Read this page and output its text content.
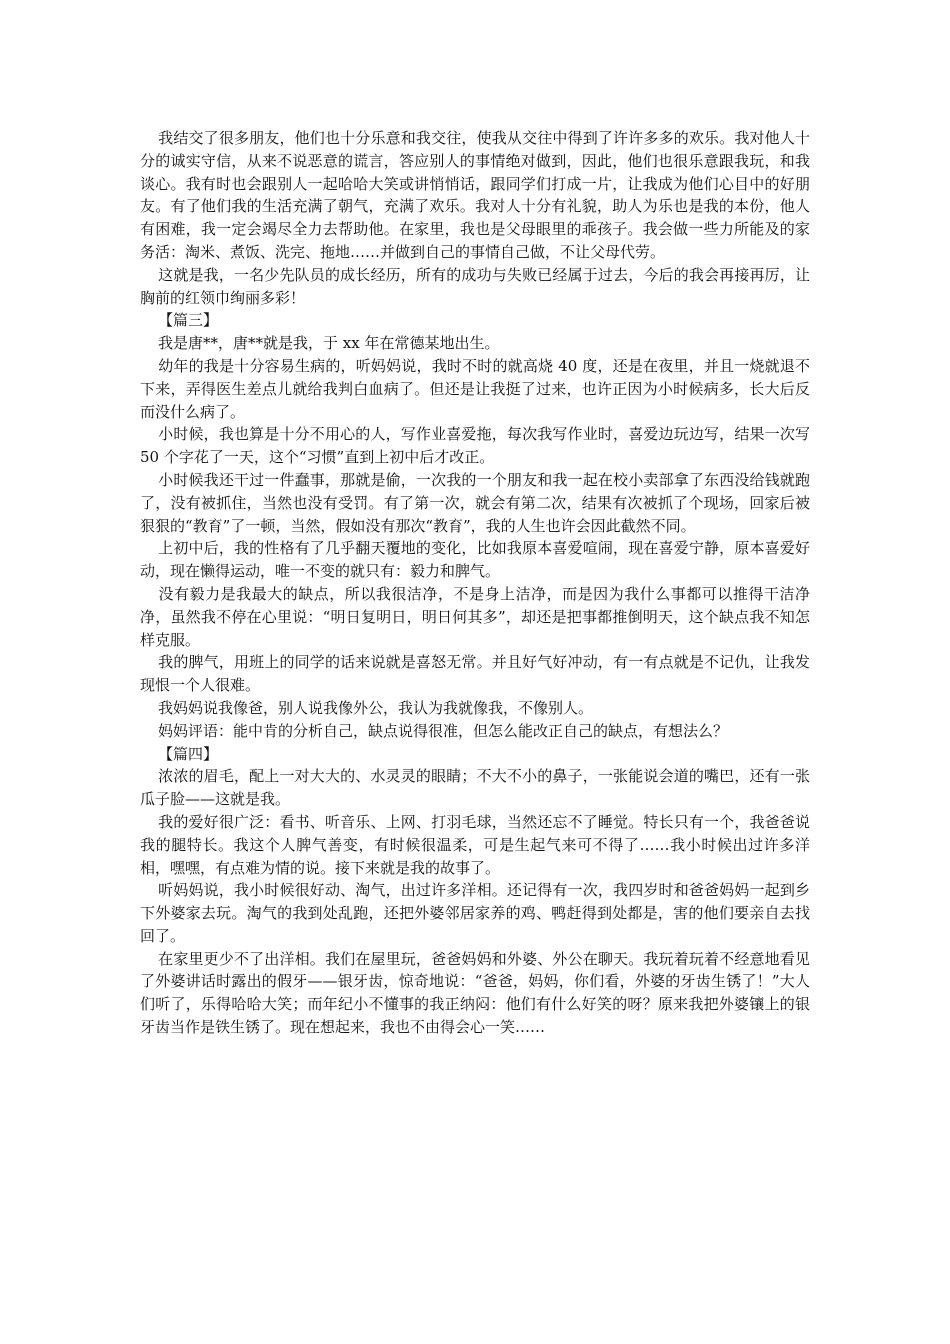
我结交了很多朋友，他们也十分乐意和我交往，使我从交往中得到了许许多多的欢乐。我对他人十分的诚实守信，从来不说恶意的谎言，答应别人的事情绝对做到，因此，他们也很乐意跟我玩，和我谈心。我有时也会跟别人一起哈哈大笑或讲悄悄话，跟同学们打成一片，让我成为他们心目中的好朋友。有了他们我的生活充满了朝气，充满了欢乐。我对人十分有礼貌，助人为乐也是我的本份，他人有困难，我一定会竭尽全力去帮助他。在家里，我也是父母眼里的乖孩子。我会做一些力所能及的家务活：淘米、煮饭、洗完、拖地……并做到自己的事情自己做，不让父母代劳。

这就是我，一名少先队员的成长经历，所有的成功与失败已经属于过去，今后的我会再接再厉，让胸前的红领巾绚丽多彩！

【篇三】

我是唐**，唐**就是我，于 xx 年在常德某地出生。

幼年的我是十分容易生病的，听妈妈说，我时不时的就高烧 40 度，还是在夜里，并且一烧就退不下来，弄得医生差点儿就给我判白血病了。但还是让我挺了过来，也许正因为小时候病多，长大后反而没什么病了。

小时候，我也算是十分不用心的人，写作业喜爱拖，每次我写作业时，喜爱边玩边写，结果一次写 50 个字花了一天，这个“习惯”直到上初中后才改正。

小时候我还干过一件蠢事，那就是偷，一次我的一个朋友和我一起在校小卖部拿了东西没给钱就跑了，没有被抓住，当然也没有受罚。有了第一次，就会有第二次，结果有次被抓了个现场，回家后被狠狠的“教育”了一顿，当然，假如没有那次“教育”，我的人生也许会因此截然不同。

上初中后，我的性格有了几乎翻天覆地的变化，比如我原本喜爱喧闹，现在喜爱宁静，原本喜爱好动，现在懒得运动，唯一不变的就只有：毅力和脾气。

没有毅力是我最大的缺点，所以我很洁净，不是身上洁净，而是因为我什么事都可以推得干洁净净，虽然我不停在心里说：“明日复明日，明日何其多”，却还是把事都推倒明天，这个缺点我不知怎样克服。

我的脾气，用班上的同学的话来说就是喜怒无常。并且好气好冲动，有一有点就是不记仇，让我发现恨一个人很难。

我妈妈说我像爸，别人说我像外公，我认为我就像我，不像别人。

妈妈评语：能中肯的分析自己，缺点说得很准，但怎么能改正自己的缺点，有想法么？

【篇四】

浓浓的眉毛，配上一对大大的、水灵灵的眼睛；不大不小的鼻子，一张能说会道的嘴巴，还有一张瓜子脸——这就是我。

我的爱好很广泛：看书、听音乐、上网、打羽毛球，当然还忘不了睡觉。特长只有一个，我爸爸说我的腿特长。我这个人脾气善变，有时候很温柔，可是生起气来可不得了……我小时候出过许多洋相，嘿嘿，有点难为情的说。接下来就是我的故事了。

听妈妈说，我小时候很好动、淘气，出过许多洋相。还记得有一次，我四岁时和爸爸妈妈一起到乡下外婆家去玩。淘气的我到处乱跑，还把外婆邻居家养的鸡、鸭赶得到处都是，害的他们要亲自去找回了。

在家里更少不了出洋相。我们在屋里玩，爸爸妈妈和外婆、外公在聊天。我玩着玩着不经意地看见了外婆讲话时露出的假牙——银牙齿，惊奇地说：“爸爸，妈妈，你们看，外婆的牙齿生锈了！”大人们听了，乐得哈哈大笑；而年纪小不懂事的我正纳闷：他们有什么好笑的呀？原来我把外婆镶上的银牙齿当作是铁生锈了。现在想起来，我也不由得会心一笑……
